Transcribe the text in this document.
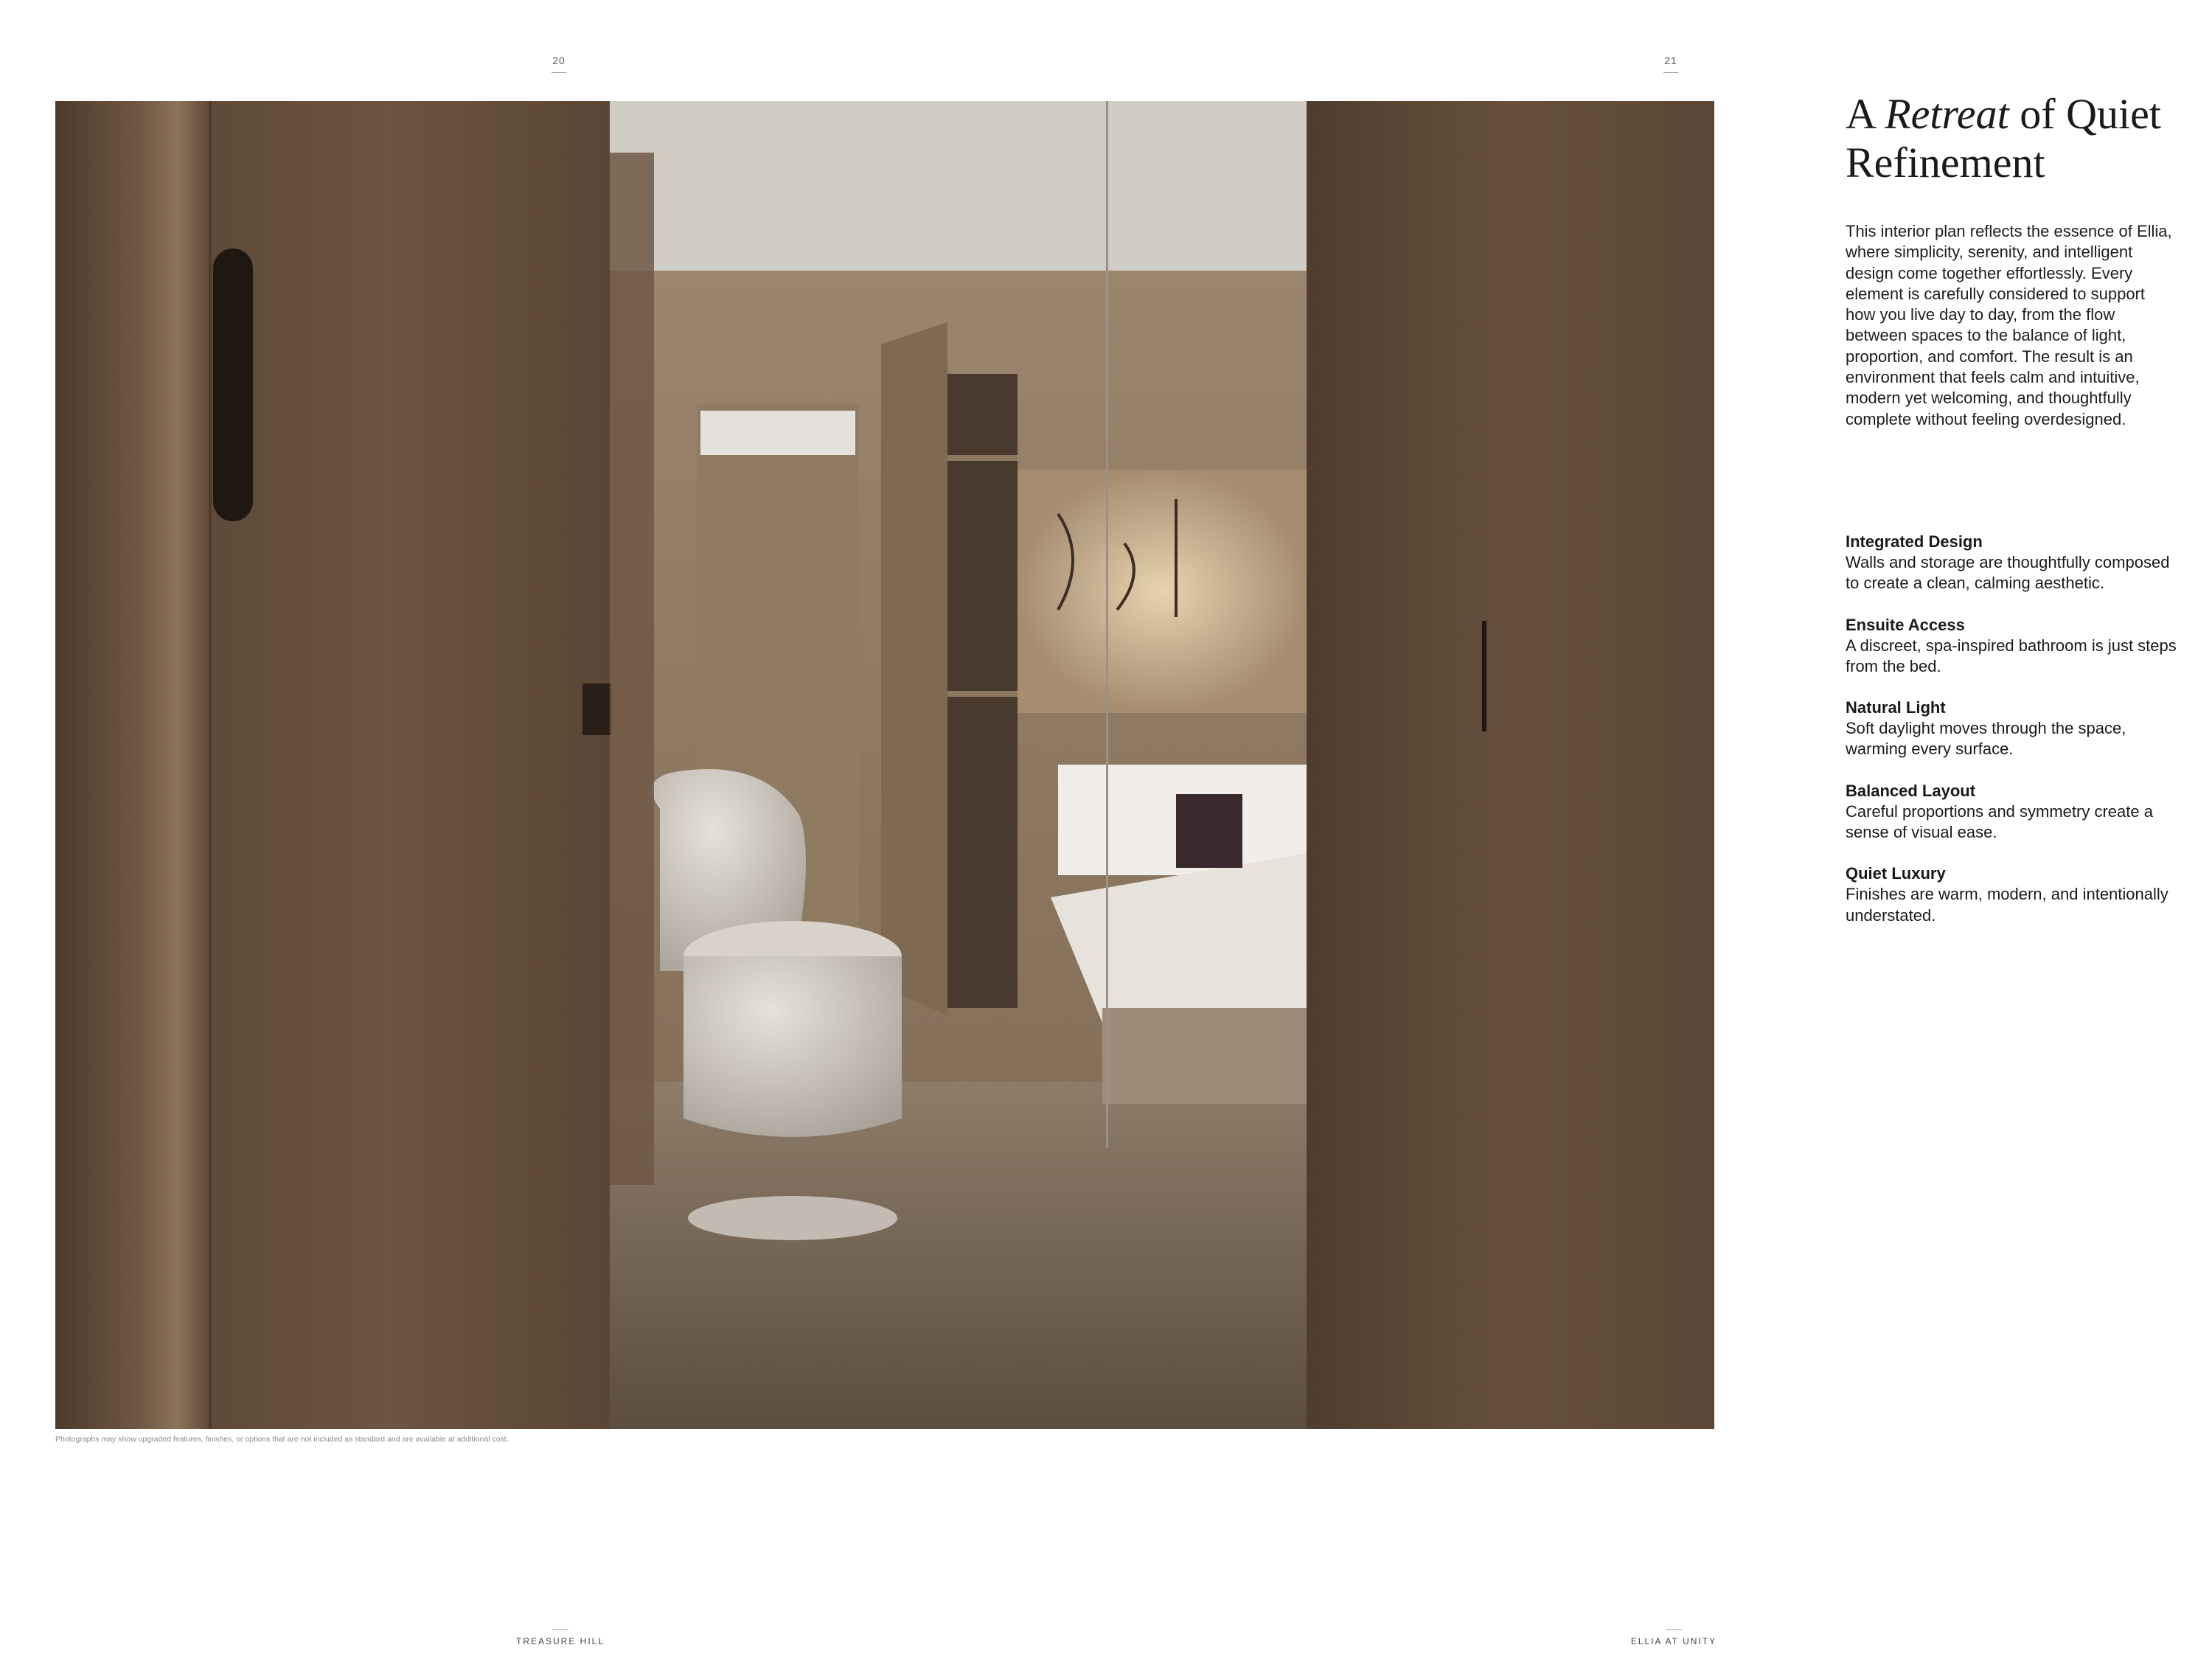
20	21
Photographs may show upgraded features, finishes, or options that are not included as standard and are available at additional cost.
A Retreat of Quiet Refinement

This interior plan reflects the essence of Ellia, where simplicity, serenity, and intelligent design come together effortlessly. Every element is carefully considered to support how you live day to day, from the flow between spaces to the balance of light, proportion, and comfort. The result is an environment that feels calm and intuitive, modern yet welcoming, and thoughtfully complete without feeling overdesigned.

Integrated Design
Walls and storage are thoughtfully composed to create a clean, calming aesthetic.
Ensuite Access
A discreet, spa-inspired bathroom is just steps from the bed.
Natural Light
Soft daylight moves through the space, warming every surface.
Balanced Layout
Careful proportions and symmetry create a sense of visual ease.
Quiet Luxury
Finishes are warm, modern, and intentionally understated.
TREASURE HILL	ELLIA AT UNITY
